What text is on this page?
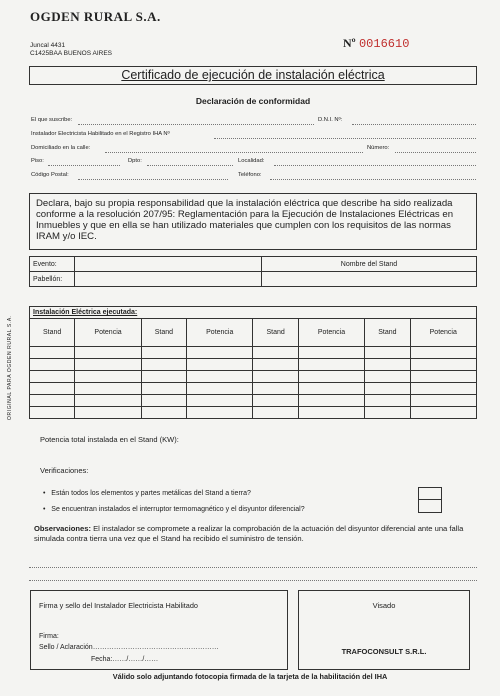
OGDEN RURAL S.A.
Juncal 4431
C1425BAA BUENOS AIRES
Nº 0016610
ORIGINAL PARA OGDEN RURAL S.A.
Certificado de ejecución de instalación eléctrica
Declaración de conformidad
El que suscribe:	D.N.I. Nº:
Instalador Electricista Habilitado en el Registro IHA Nº
Domiciliado en la calle:	Número:
Piso:	Dpto:	Localidad:
Código Postal:	Teléfono:
Declara, bajo su propia responsabilidad que la instalación eléctrica que describe ha sido realizada conforme a la resolución 207/95: Reglamentación para la Ejecución de Instalaciones Eléctricas en Inmuebles y que en ella se han utilizado materiales que cumplen con los requisitos de las normas IRAM y/o IEC.
Evento:		Nombre del Stand
Pabellón:		
Instalación Eléctrica ejecutada:							
Stand	Potencia	Stand	Potencia	Stand	Potencia	Stand	Potencia

Potencia total instalada en el Stand (KW):
Verificaciones:
•   Están todos los elementos y partes metálicas del Stand a tierra?
•   Se encuentran instalados el interruptor termomagnético y el disyuntor diferencial?
Observaciones: El instalador se compromete a realizar la comprobación de la actuación del disyuntor diferencial ante una falla simulada contra tierra una vez que el Stand ha recibido el suministro de tensión.
Firma y sello del Instalador Electricista Habilitado
Firma:
Sello / Aclaración………………………………………………
Fecha:……/……/……
Visado
TRAFOCONSULT S.R.L.
Válido solo adjuntando fotocopia firmada de la tarjeta de la habilitación del IHA
